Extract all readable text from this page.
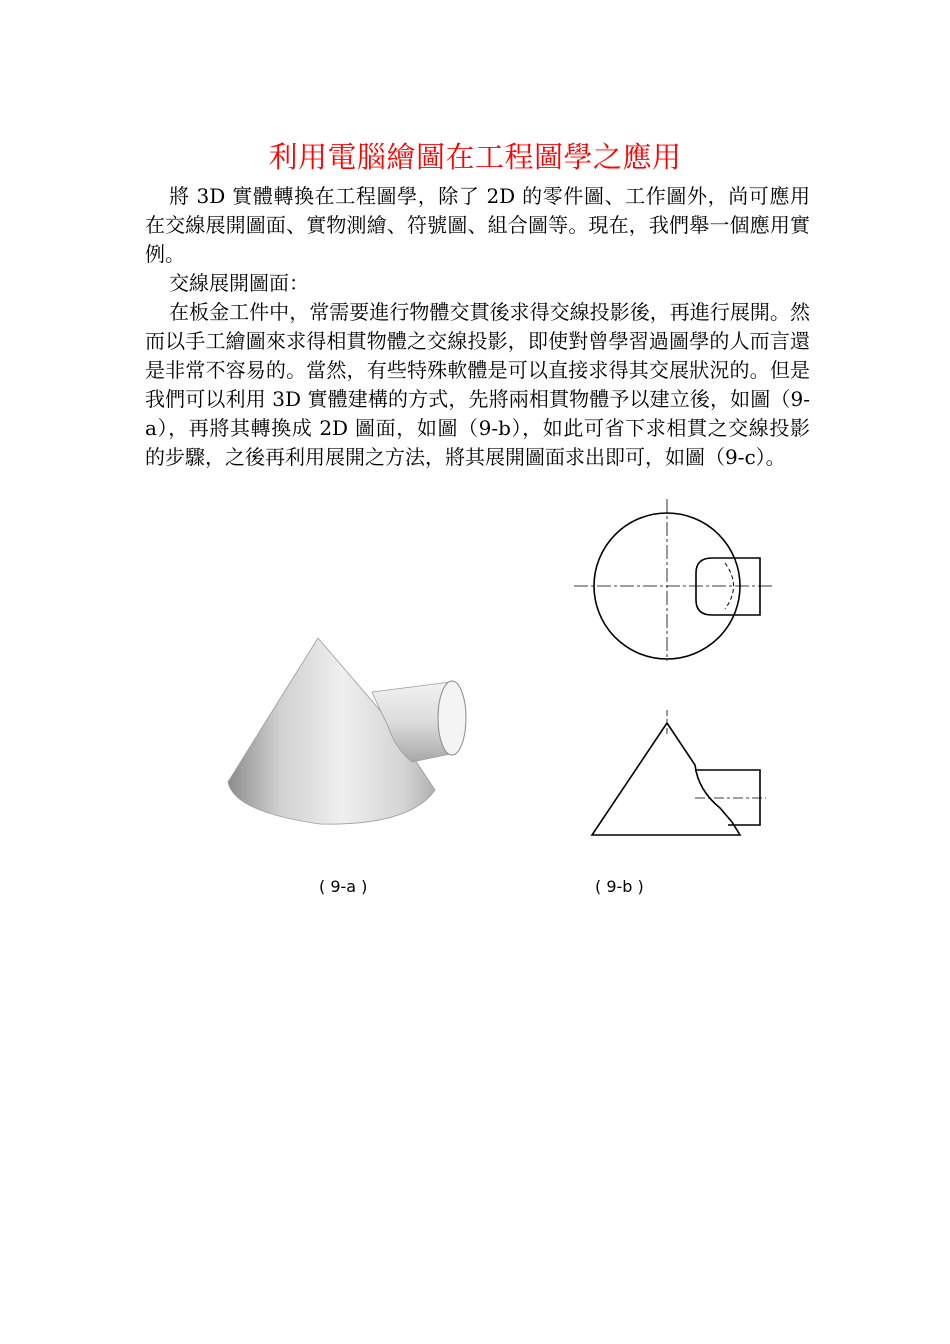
利用電腦繪圖在工程圖學之應用

將 3D 實體轉換在工程圖學，除了 2D 的零件圖、工作圖外，尚可應用在交線展開圖面、實物測繪、符號圖、組合圖等。現在，我們舉一個應用實例。

交線展開圖面：

在板金工件中，常需要進行物體交貫後求得交線投影後，再進行展開。然而以手工繪圖來求得相貫物體之交線投影，即使對曾學習過圖學的人而言還是非常不容易的。當然，有些特殊軟體是可以直接求得其交展狀況的。但是我們可以利用 3D 實體建構的方式，先將兩相貫物體予以建立後，如圖（9-a），再將其轉換成 2D 圖面，如圖（9-b），如此可省下求相貫之交線投影的步驟，之後再利用展開之方法，將其展開圖面求出即可，如圖（9-c）。

( 9-a )	( 9-b )
